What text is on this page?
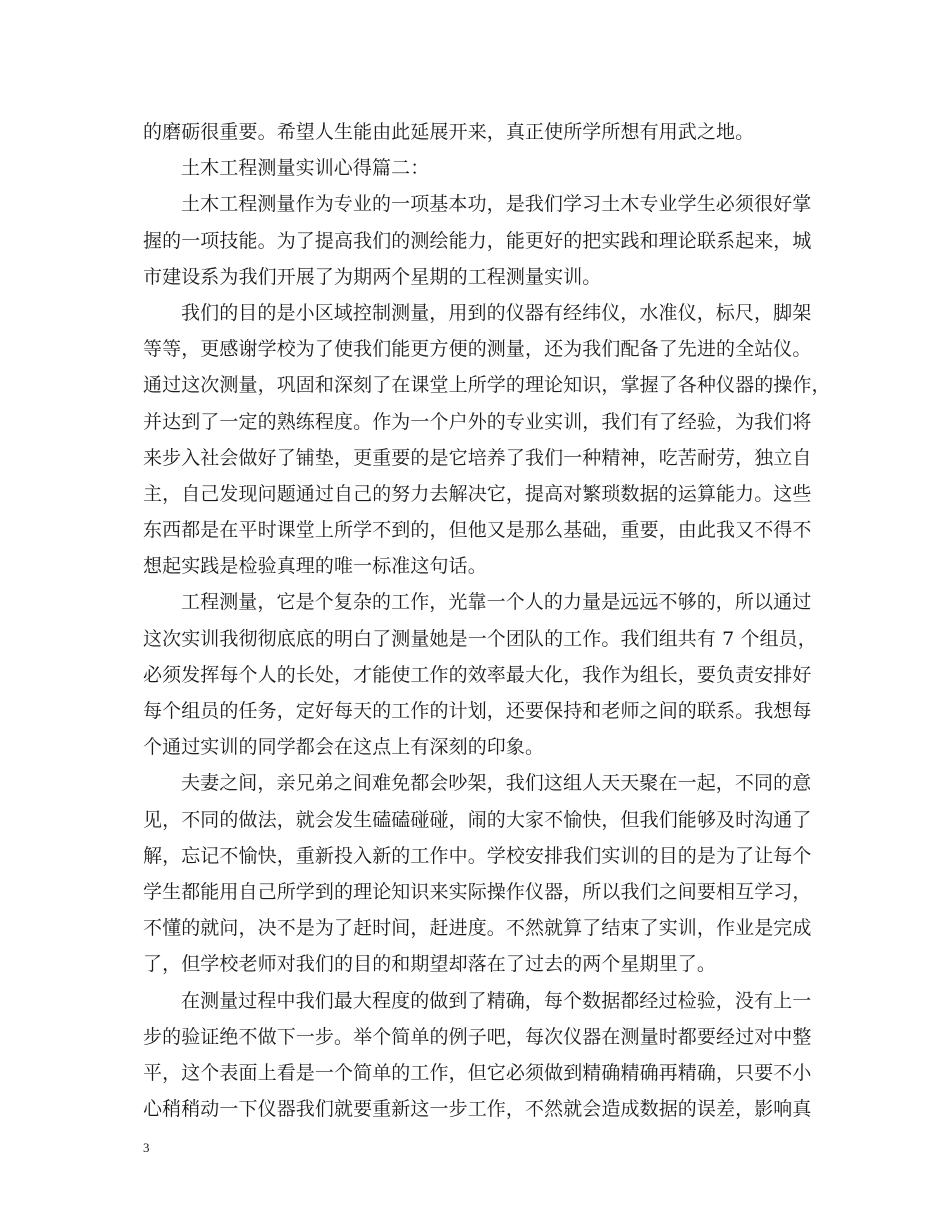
的磨砺很重要。希望人生能由此延展开来，真正使所学所想有用武之地。
土木工程测量实训心得篇二：
土木工程测量作为专业的一项基本功，是我们学习土木专业学生必须很好掌
握的一项技能。为了提高我们的测绘能力，能更好的把实践和理论联系起来，城
市建设系为我们开展了为期两个星期的工程测量实训。
我们的目的是小区域控制测量，用到的仪器有经纬仪，水准仪，标尺，脚架
等等，更感谢学校为了使我们能更方便的测量，还为我们配备了先进的全站仪。
通过这次测量，巩固和深刻了在课堂上所学的理论知识，掌握了各种仪器的操作，
并达到了一定的熟练程度。作为一个户外的专业实训，我们有了经验，为我们将
来步入社会做好了铺垫，更重要的是它培养了我们一种精神，吃苦耐劳，独立自
主，自己发现问题通过自己的努力去解决它，提高对繁琐数据的运算能力。这些
东西都是在平时课堂上所学不到的，但他又是那么基础，重要，由此我又不得不
想起实践是检验真理的唯一标准这句话。
工程测量，它是个复杂的工作，光靠一个人的力量是远远不够的，所以通过
这次实训我彻彻底底的明白了测量她是一个团队的工作。我们组共有 7 个组员，
必须发挥每个人的长处，才能使工作的效率最大化，我作为组长，要负责安排好
每个组员的任务，定好每天的工作的计划，还要保持和老师之间的联系。我想每
个通过实训的同学都会在这点上有深刻的印象。
夫妻之间，亲兄弟之间难免都会吵架，我们这组人天天聚在一起，不同的意
见，不同的做法，就会发生磕磕碰碰，闹的大家不愉快，但我们能够及时沟通了
解，忘记不愉快，重新投入新的工作中。学校安排我们实训的目的是为了让每个
学生都能用自己所学到的理论知识来实际操作仪器，所以我们之间要相互学习，
不懂的就问，决不是为了赶时间，赶进度。不然就算了结束了实训，作业是完成
了，但学校老师对我们的目的和期望却落在了过去的两个星期里了。
在测量过程中我们最大程度的做到了精确，每个数据都经过检验，没有上一
步的验证绝不做下一步。举个简单的例子吧，每次仪器在测量时都要经过对中整
平，这个表面上看是一个简单的工作，但它必须做到精确精确再精确，只要不小
心稍稍动一下仪器我们就要重新这一步工作，不然就会造成数据的误差，影响真
3
